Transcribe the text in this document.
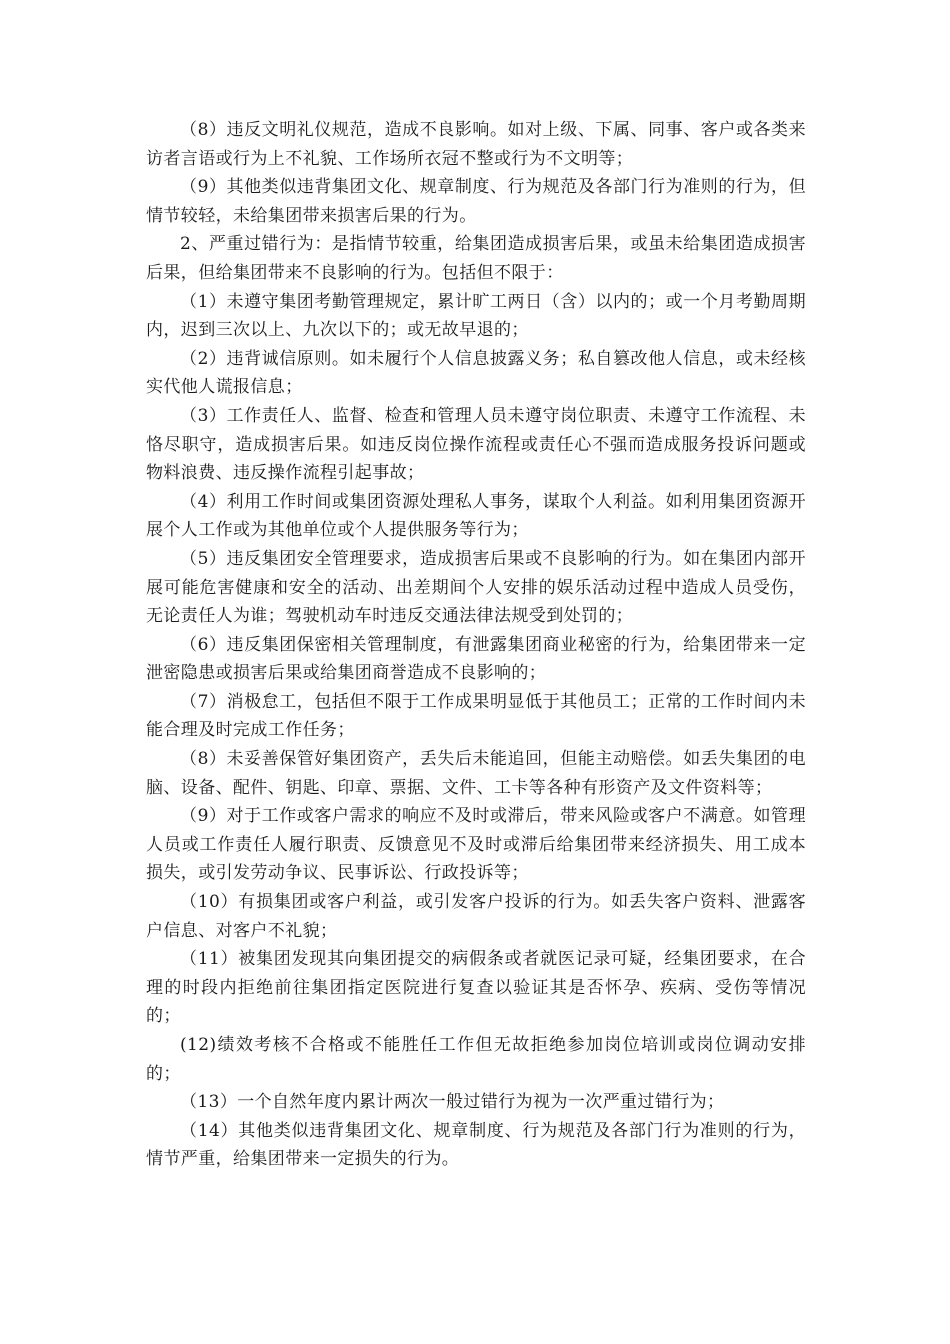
（8）违反文明礼仪规范，造成不良影响。如对上级、下属、同事、客户或各类来访者言语或行为上不礼貌、工作场所衣冠不整或行为不文明等；

（9）其他类似违背集团文化、规章制度、行为规范及各部门行为准则的行为，但情节较轻，未给集团带来损害后果的行为。

2、严重过错行为：是指情节较重，给集团造成损害后果，或虽未给集团造成损害后果，但给集团带来不良影响的行为。包括但不限于：

（1）未遵守集团考勤管理规定，累计旷工两日（含）以内的；或一个月考勤周期内，迟到三次以上、九次以下的；或无故早退的；

（2）违背诚信原则。如未履行个人信息披露义务；私自篡改他人信息，或未经核实代他人谎报信息；

（3）工作责任人、监督、检查和管理人员未遵守岗位职责、未遵守工作流程、未恪尽职守，造成损害后果。如违反岗位操作流程或责任心不强而造成服务投诉问题或物料浪费、违反操作流程引起事故；

（4）利用工作时间或集团资源处理私人事务，谋取个人利益。如利用集团资源开展个人工作或为其他单位或个人提供服务等行为；

（5）违反集团安全管理要求，造成损害后果或不良影响的行为。如在集团内部开展可能危害健康和安全的活动、出差期间个人安排的娱乐活动过程中造成人员受伤，无论责任人为谁；驾驶机动车时违反交通法律法规受到处罚的；

（6）违反集团保密相关管理制度，有泄露集团商业秘密的行为，给集团带来一定泄密隐患或损害后果或给集团商誉造成不良影响的；

（7）消极怠工，包括但不限于工作成果明显低于其他员工；正常的工作时间内未能合理及时完成工作任务；

（8）未妥善保管好集团资产，丢失后未能追回，但能主动赔偿。如丢失集团的电脑、设备、配件、钥匙、印章、票据、文件、工卡等各种有形资产及文件资料等；

（9）对于工作或客户需求的响应不及时或滞后，带来风险或客户不满意。如管理人员或工作责任人履行职责、反馈意见不及时或滞后给集团带来经济损失、用工成本损失，或引发劳动争议、民事诉讼、行政投诉等；

（10）有损集团或客户利益，或引发客户投诉的行为。如丢失客户资料、泄露客户信息、对客户不礼貌；

（11）被集团发现其向集团提交的病假条或者就医记录可疑，经集团要求，在合理的时段内拒绝前往集团指定医院进行复查以验证其是否怀孕、疾病、受伤等情况的；

(12)绩效考核不合格或不能胜任工作但无故拒绝参加岗位培训或岗位调动安排的；

（13）一个自然年度内累计两次一般过错行为视为一次严重过错行为；

（14）其他类似违背集团文化、规章制度、行为规范及各部门行为准则的行为，情节严重，给集团带来一定损失的行为。
